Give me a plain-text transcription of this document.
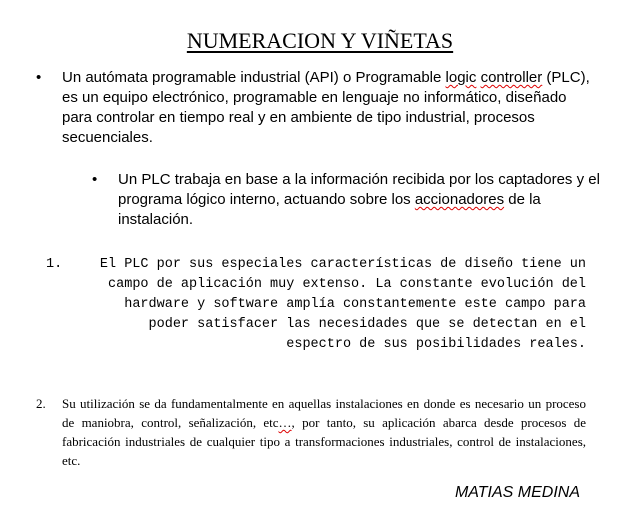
NUMERACION Y VIÑETAS
• Un autómata programable industrial (API) o Programable logic controller (PLC), es un equipo electrónico, programable en lenguaje no informático, diseñado para controlar en tiempo real y en ambiente de tipo industrial, procesos secuenciales.
• Un PLC trabaja en base a la información recibida por los captadores y el programa lógico interno, actuando sobre los accionadores de la instalación.
1.	El PLC por sus especiales características de diseño tiene un
campo de aplicación muy extenso. La constante evolución del
hardware y software amplía constantemente este campo para
poder satisfacer las necesidades que se detectan en el
espectro de sus posibilidades reales.
2. Su utilización se da fundamentalmente en aquellas instalaciones en donde es necesario un proceso de maniobra, control, señalización, etc…, por tanto, su aplicación abarca desde procesos de fabricación industriales de cualquier tipo a transformaciones industriales, control de instalaciones, etc.
MATIAS MEDINA
